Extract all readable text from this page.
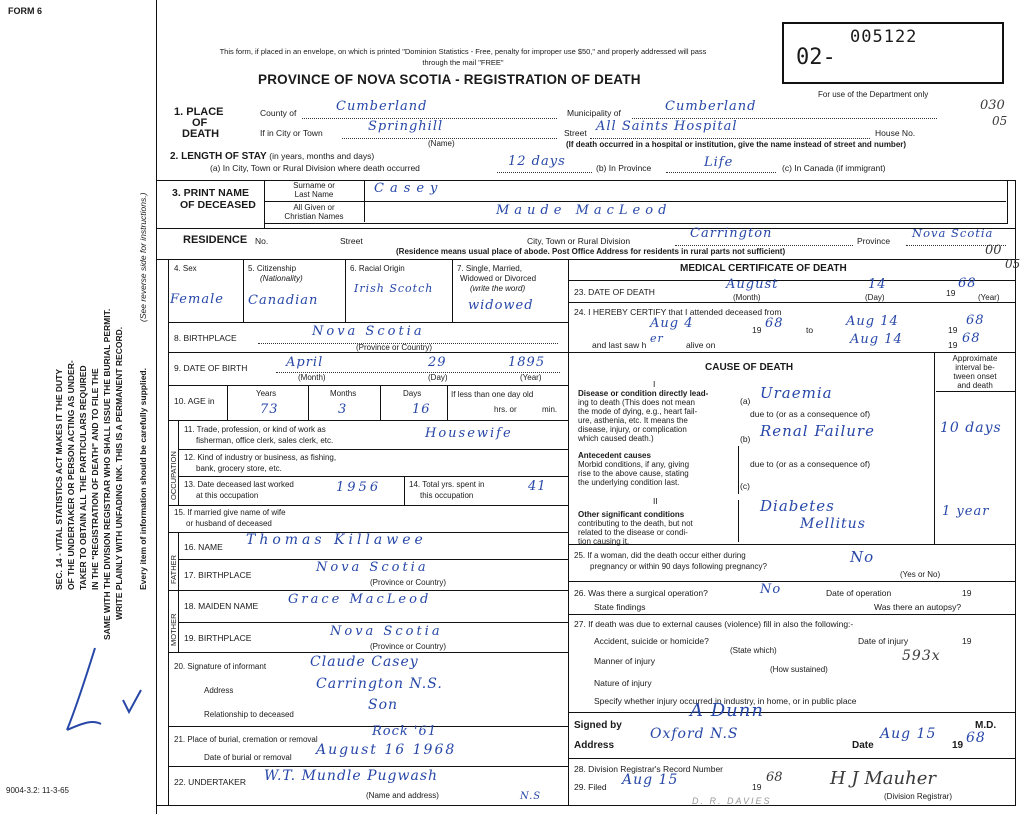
FORM 6
This form, if placed in an envelope, on which is printed "Dominion Statistics - Free, penalty for improper use $50," and properly addressed will pass through the mail "FREE"
PROVINCE OF NOVA SCOTIA - REGISTRATION OF DEATH
02-
005122
For use of the Department only
030
05
00
05
SEC. 14 - VITAL STATISTICS ACT MAKES IT THE DUTY OF THE UNDERTAKER OR PERSON ACTING AS UNDER- TAKER TO OBTAIN ALL THE PARTICULARS REQUIRED IN THE "REGISTRATION OF DEATH" AND TO FILE THE SAME WITH THE DIVISION REGISTRAR WHO SHALL ISSUE THE BURIAL PERMIT. WRITE PLAINLY WITH UNFADING INK. THIS IS A PERMANENT RECORD.
(See reverse side for instructions.)
Every item of information should be carefully supplied.
9004-3.2: 11-3-65
1. PLACE
OF
DEATH
County of	Cumberland	Municipality of	Cumberland
If in City or Town	Springhill
(Name)
Street All Saints Hospital	House No.
(If death occurred in a hospital or institution, give the name instead of street and number)
2. LENGTH OF STAY (in years, months and days)
(a) In City, Town or Rural Division where death occurred	12 days	(b) In Province	Life	(c) In Canada (if immigrant)
3. PRINT NAME
OF DECEASED
Surname or
Last Name	Casey
All Given or
Christian Names	Maude MacLeod
RESIDENCE No.	Street	City, Town or Rural Division	Carrington	Province
Nova Scotia
(Residence means usual place of abode. Post Office Address for residents in rural parts not sufficient)
4. Sex
Female
5. Citizenship
(Nationality)
Canadian
6. Racial Origin
Irish Scotch
7. Single, Married,
Widowed or Divorced
(write the word)
widowed
8. BIRTHPLACE	Nova Scotia
(Province or Country)
9. DATE OF BIRTH	April	29	1895
(Month)	(Day)	(Year)
10. AGE in
Years	Months	Days
73	3	16
If less than one day old
hrs. or	min.
OCCUPATION
11. Trade, profession, or kind of work as
fisherman, office clerk, sales clerk, etc.	Housewife
12. Kind of industry or business, as fishing,
bank, grocery store, etc.
13. Date deceased last worked
at this occupation
1956	14. Total yrs. spent in
this occupation
41
15. If married give name of wife
or husband of deceased
FATHER
16. NAME Thomas Killawee
17. BIRTHPLACE	Nova Scotia
(Province or Country)
MOTHER
18. MAIDEN NAME Grace MacLeod
19. BIRTHPLACE	Nova Scotia
(Province or Country)
20. Signature of informant	Claude Casey
Address	Carrington N.S.
Relationship to deceased
Son
21. Place of burial, cremation or removal
Rock '61
Date of burial or removal August 16 1968
22. UNDERTAKER W.T. Mundle Pugwash
N.S
(Name and address)
MEDICAL CERTIFICATE OF DEATH
23. DATE OF DEATH	August	14
19
68
(Month)	(Day)	(Year)
24. I HEREBY CERTIFY that I attended deceased from
Aug 4	19 68	to
Aug 14
19
68
and last saw h er	alive on	Aug 14	19 68
CAUSE OF DEATH
Approximate
interval be-
tween onset
and death
I
Disease or condition directly lead-
ing to death (This does not mean
the mode of dying, e.g., heart fail-
ure, asthenia, etc. It means the
disease, injury, or complication
which caused death.)
(a) Uraemia
due to (or as a consequence of)
(b) Renal Failure	10 days
Antecedent causes
Morbid conditions, if any, giving
rise to the above cause, stating
the underlying condition last.
due to (or as a consequence of)
(c)
II
Other significant conditions
contributing to the death, but not
related to the disease or condi-
tion causing it.
Diabetes
Mellitus
1 year
25. If a woman, did the death occur either during
pregnancy or within 90 days following pregnancy?
No
(Yes or No)
26. Was there a surgical operation?	No	Date of operation	19
State findings	Was there an autopsy?
27. If death was due to external causes (violence) fill in also the following:-
Accident, suicide or homicide?	Date of injury	19
(State which)
Manner of injury	593x
(How sustained)
Nature of injury
Specify whether injury occurred in industry, in home, or in public place
Signed by
A Dunn
M.D.
Address
Oxford N.S
Date
Aug 15
19 68
28. Division Registrar's Record Number
29. Filed Aug 15	19
68	H J Mauher
D. R. DAVIES	(Division Registrar)
